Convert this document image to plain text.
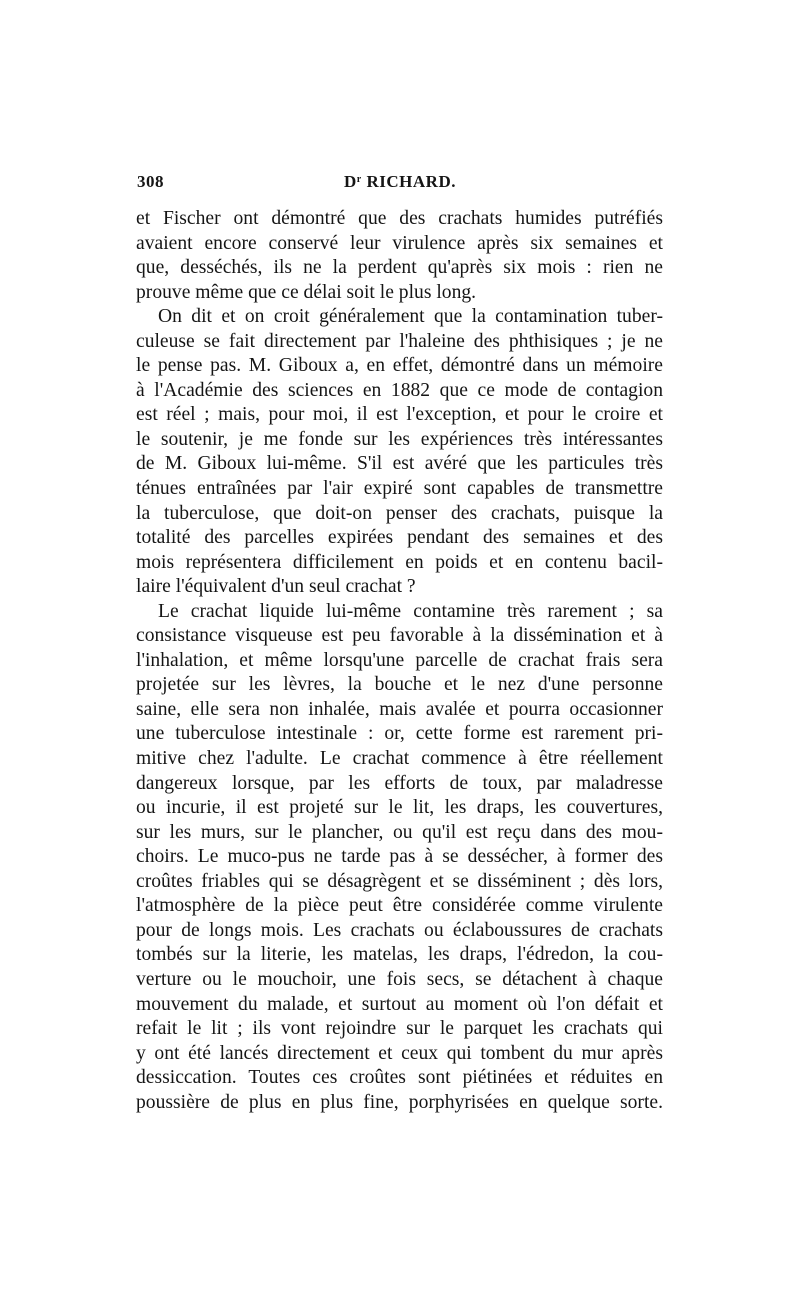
308	$D^r$ RICHARD.
et Fischer ont démontré que des crachats humides putréfiés
avaient encore conservé leur virulence après six semaines et
que, desséchés, ils ne la perdent qu'après six mois : rien ne
prouve même que ce délai soit le plus long.
On dit et on croit généralement que la contamination tuber-
culeuse se fait directement par l'haleine des phthisiques ; je ne
le pense pas. M. Giboux a, en effet, démontré dans un mémoire
à l'Académie des sciences en 1882 que ce mode de contagion
est réel ; mais, pour moi, il est l'exception, et pour le croire et
le soutenir, je me fonde sur les expériences très intéressantes
de M. Giboux lui-même. S'il est avéré que les particules très
ténues entraînées par l'air expiré sont capables de transmettre
la tuberculose, que doit-on penser des crachats, puisque la
totalité des parcelles expirées pendant des semaines et des
mois représentera difficilement en poids et en contenu bacil-
laire l'équivalent d'un seul crachat ?
Le crachat liquide lui-même contamine très rarement ; sa
consistance visqueuse est peu favorable à la dissémination et à
l'inhalation, et même lorsqu'une parcelle de crachat frais sera
projetée sur les lèvres, la bouche et le nez d'une personne
saine, elle sera non inhalée, mais avalée et pourra occasionner
une tuberculose intestinale : or, cette forme est rarement pri-
mitive chez l'adulte. Le crachat commence à être réellement
dangereux lorsque, par les efforts de toux, par maladresse
ou incurie, il est projeté sur le lit, les draps, les couvertures,
sur les murs, sur le plancher, ou qu'il est reçu dans des mou-
choirs. Le muco-pus ne tarde pas à se dessécher, à former des
croûtes friables qui se désagrègent et se disséminent ; dès lors,
l'atmosphère de la pièce peut être considérée comme virulente
pour de longs mois. Les crachats ou éclaboussures de crachats
tombés sur la literie, les matelas, les draps, l'édredon, la cou-
verture ou le mouchoir, une fois secs, se détachent à chaque
mouvement du malade, et surtout au moment où l'on défait et
refait le lit ; ils vont rejoindre sur le parquet les crachats qui
y ont été lancés directement et ceux qui tombent du mur après
dessiccation. Toutes ces croûtes sont piétinées et réduites en
poussière de plus en plus fine, porphyrisées en quelque sorte.
